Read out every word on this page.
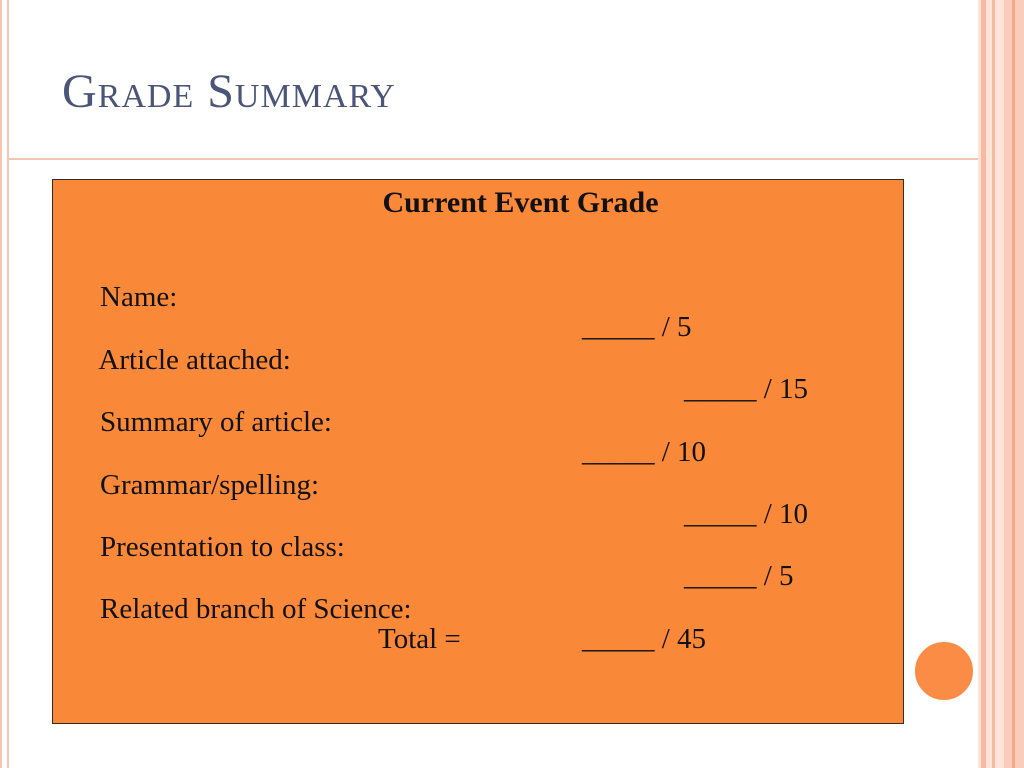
Grade Summary
Current Event Grade

Name:

Article attached:

_____ / 5

Summary of article:

_____ / 15

Grammar/spelling:

_____ / 10

Presentation to class:

_____ / 10

Related branch of Science:

_____ / 5

Total =

	_____ / 45
